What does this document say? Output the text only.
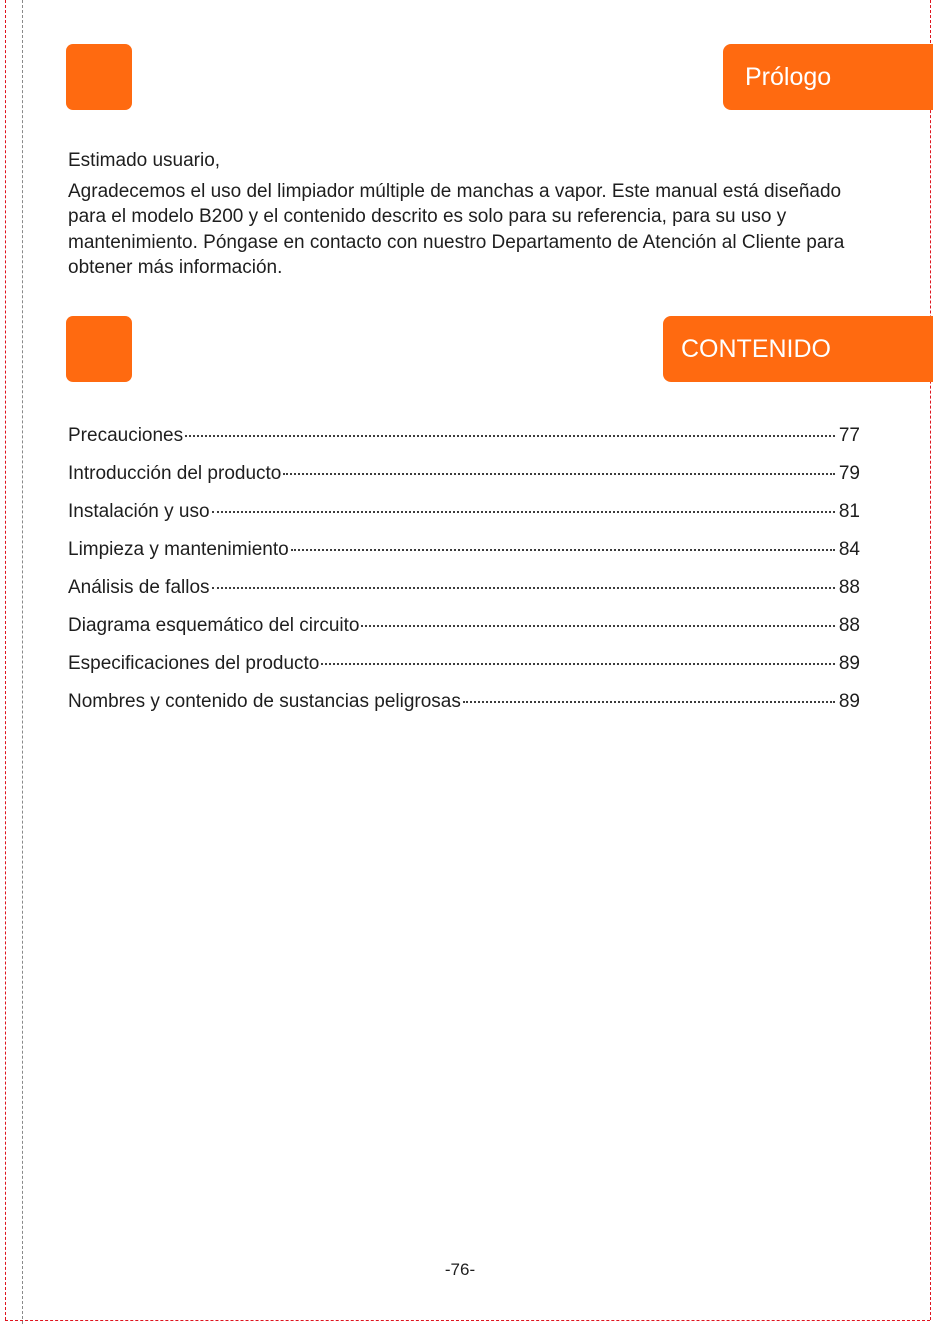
Prólogo

Estimado usuario,

Agradecemos el uso del limpiador múltiple de manchas a vapor. Este manual está diseñado para el modelo B200 y el contenido descrito es solo para su referencia, para su uso y mantenimiento. Póngase en contacto con nuestro Departamento de Atención al Cliente para obtener más información.

CONTENIDO
Precauciones	77
Introducción del producto	79
Instalación y uso	81
Limpieza y mantenimiento	84
Análisis de fallos	88
Diagrama esquemático del circuito	88
Especificaciones del producto	89
Nombres y contenido de sustancias peligrosas	89
-76-
